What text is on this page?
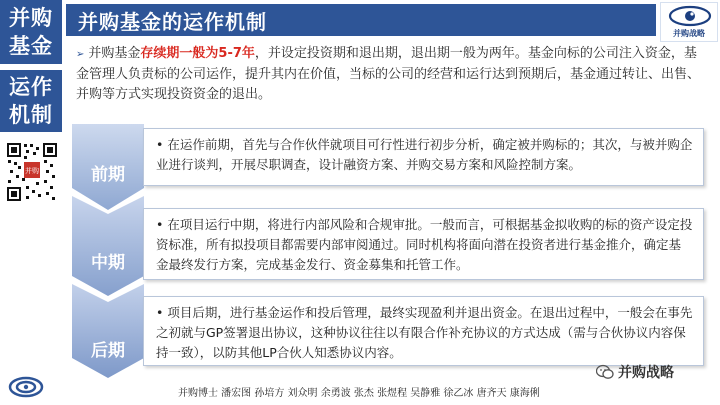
并购
基金
运作
机制
并购
并购基金的运作机制	并购战略
➢ 并购基金存续期一般为5-7年，并设定投资期和退出期，退出期一般为两年。基金向标的公司注入资金，基金管理人负责标的公司运作，提升其内在价值，当标的公司的经营和运行达到预期后，基金通过转让、出售、并购等方式实现投资资金的退出。
前期
• 在运作前期，首先与合作伙伴就项目可行性进行初步分析，确定被并购标的；其次，与被并购企业进行谈判，开展尽职调查，设计融资方案、并购交易方案和风险控制方案。
中期
• 在项目运行中期，将进行内部风险和合规审批。一般而言，可根据基金拟收购的标的资产设定投资标准，所有拟投项目都需要内部审阅通过。同时机构将面向潜在投资者进行基金推介，确定基金最终发行方案，完成基金发行、资金募集和托管工作。
后期
• 项目后期，进行基金运作和投后管理，最终实现盈利并退出资金。在退出过程中，一般会在事先之初就与GP签署退出协议，这种协议往往以有限合作补充协议的方式达成（需与合伙协议内容保持一致），以防其他LP合伙人知悉协议内容。
并购博士 潘宏图 孙培方 刘众明 余勇波 张杰 张煜程 吴静雅 徐乙冰 唐齐天 康海俐
并购战略
